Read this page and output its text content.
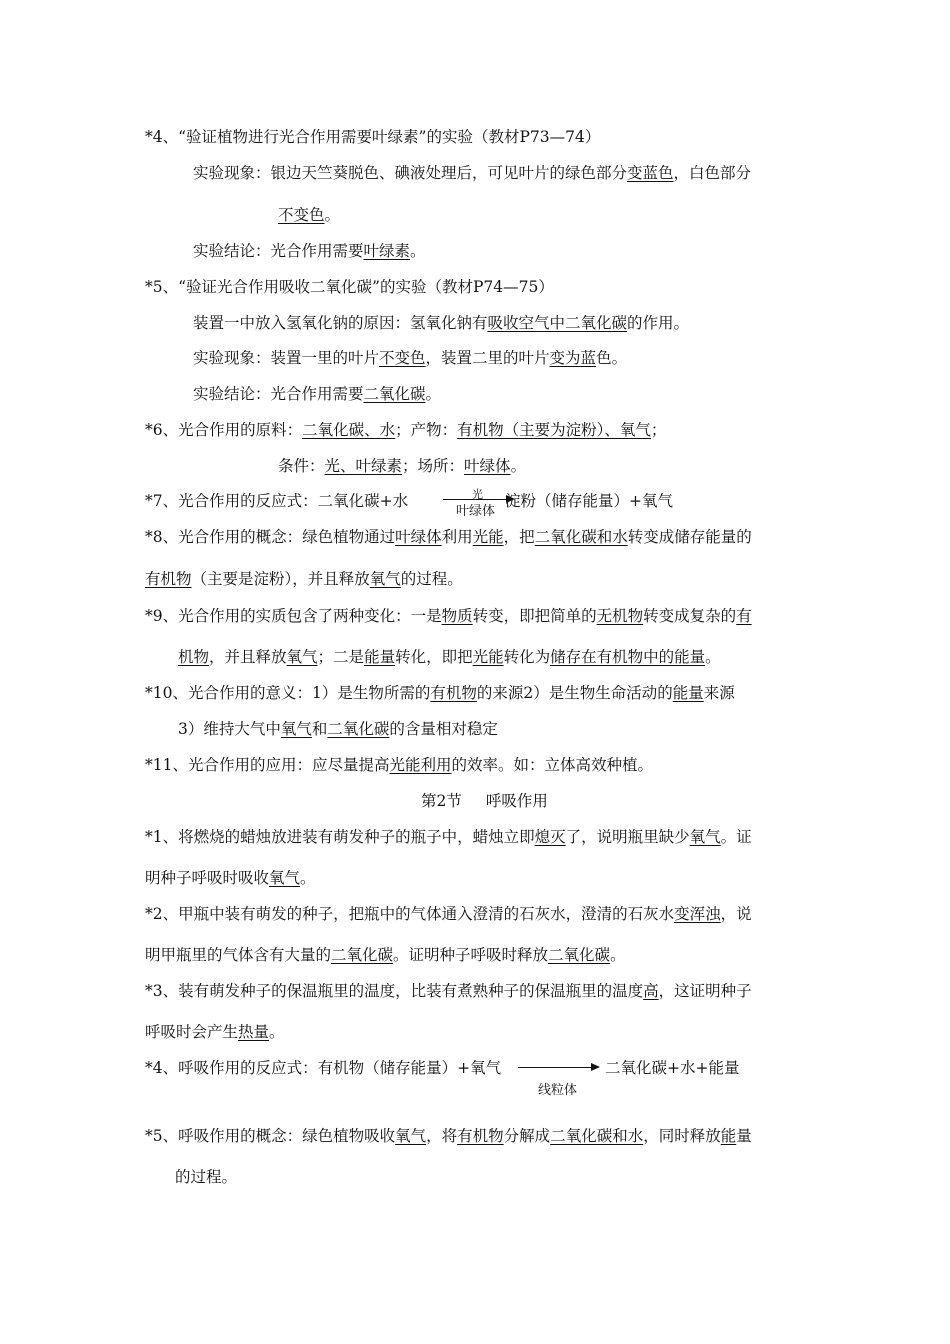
*4、“验证植物进行光合作用需要叶绿素”的实验（教材P73—74）
实验现象：银边天竺葵脱色、碘液处理后，可见叶片的绿色部分变蓝色，白色部分
不变色。
实验结论：光合作用需要叶绿素。
*5、“验证光合作用吸收二氧化碳”的实验（教材P74—75）
装置一中放入氢氧化钠的原因：氢氧化钠有吸收空气中二氧化碳的作用。
实验现象：装置一里的叶片不变色，装置二里的叶片变为蓝色。
实验结论：光合作用需要二氧化碳。
*6、光合作用的原料：二氧化碳、水；产物：有机物（主要为淀粉）、氧气；
条件：光、叶绿素；场所：叶绿体。
*7、光合作用的反应式：二氧化碳+水	光 淀粉（储存能量）+氧气
叶绿体
*8、光合作用的概念：绿色植物通过叶绿体利用光能，把二氧化碳和水转变成储存能量的
有机物（主要是淀粉），并且释放氧气的过程。
*9、光合作用的实质包含了两种变化：一是物质转变，即把简单的无机物转变成复杂的有
机物，并且释放氧气；二是能量转化，即把光能转化为储存在有机物中的能量。
*10、光合作用的意义：1）是生物所需的有机物的来源2）是生物生命活动的能量来源
3）维持大气中氧气和二氧化碳的含量相对稳定
*11、光合作用的应用：应尽量提高光能利用的效率。如：立体高效种植。
第2节 呼吸作用
*1、将燃烧的蜡烛放进装有萌发种子的瓶子中，蜡烛立即熄灭了，说明瓶里缺少氧气。证
明种子呼吸时吸收氧气。
*2、甲瓶中装有萌发的种子，把瓶中的气体通入澄清的石灰水，澄清的石灰水变浑浊，说
明甲瓶里的气体含有大量的二氧化碳。证明种子呼吸时释放二氧化碳。
*3、装有萌发种子的保温瓶里的温度，比装有煮熟种子的保温瓶里的温度高，这证明种子
呼吸时会产生热量。
*4、呼吸作用的反应式：有机物（储存能量）+氧气	二氧化碳+水+能量
线粒体
*5、呼吸作用的概念：绿色植物吸收氧气，将有机物分解成二氧化碳和水，同时释放能量
的过程。
